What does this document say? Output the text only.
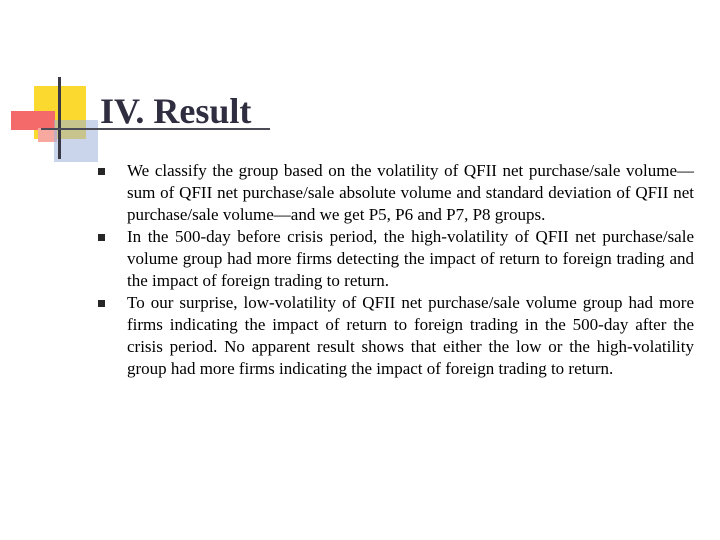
IV. Result

We classify the group based on the volatility of QFII net purchase/sale volume—sum of QFII net purchase/sale absolute volume and standard deviation of QFII net purchase/sale volume—and we get P5, P6 and P7, P8 groups.

In the 500-day before crisis period, the high-volatility of QFII net purchase/sale volume group had more firms detecting the impact of return to foreign trading and the impact of foreign trading to return.

To our surprise, low-volatility of QFII net purchase/sale volume group had more firms indicating the impact of return to foreign trading in the 500-day after the crisis period. No apparent result shows that either the low or the high-volatility group had more firms indicating the impact of foreign trading to return.
